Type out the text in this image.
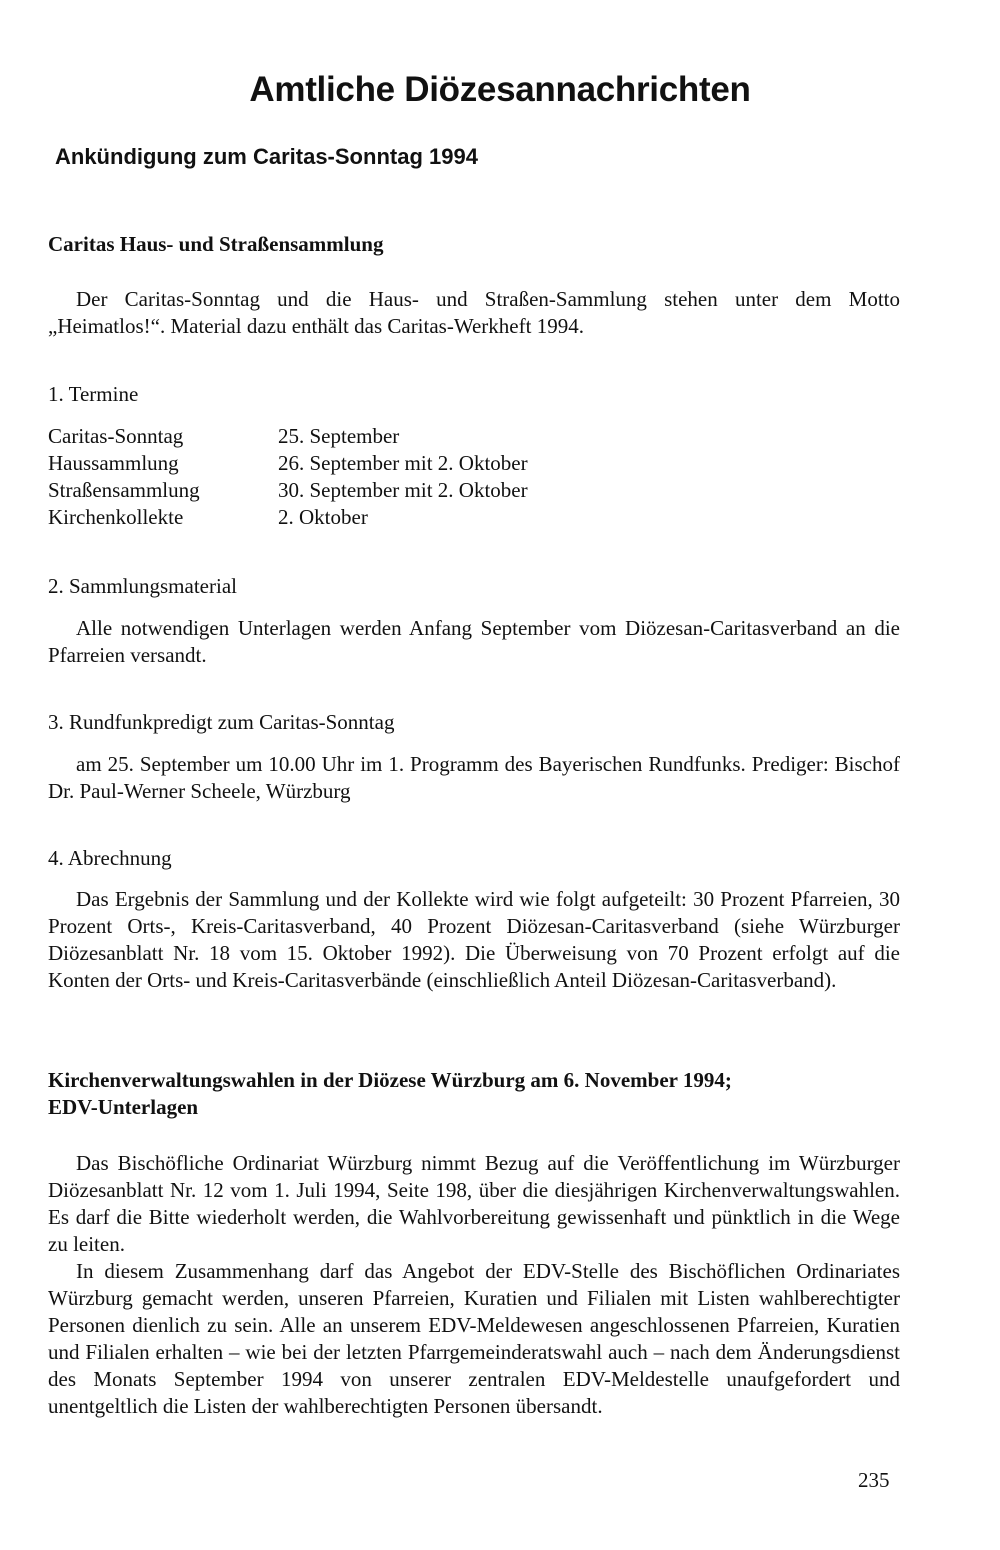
Amtliche Diözesannachrichten
Ankündigung zum Caritas-Sonntag 1994
Caritas Haus- und Straßensammlung
Der Caritas-Sonntag und die Haus- und Straßen-Sammlung stehen unter dem Motto „Heimatlos!“. Material dazu enthält das Caritas-Werkheft 1994.
1. Termine
Caritas-Sonntag	25. September
Haussammlung	26. September mit 2. Oktober
Straßensammlung	30. September mit 2. Oktober
Kirchenkollekte	2. Oktober
2. Sammlungsmaterial
Alle notwendigen Unterlagen werden Anfang September vom Diözesan-Caritasverband an die Pfarreien versandt.
3. Rundfunkpredigt zum Caritas-Sonntag
am 25. September um 10.00 Uhr im 1. Programm des Bayerischen Rundfunks. Prediger: Bischof Dr. Paul-Werner Scheele, Würzburg
4. Abrechnung
Das Ergebnis der Sammlung und der Kollekte wird wie folgt aufgeteilt: 30 Prozent Pfarreien, 30 Prozent Orts-, Kreis-Caritasverband, 40 Prozent Diözesan-Caritasverband (siehe Würzburger Diözesanblatt Nr. 18 vom 15. Oktober 1992). Die Überweisung von 70 Prozent erfolgt auf die Konten der Orts- und Kreis-Caritasverbände (einschließlich Anteil Diözesan-Caritasverband).
Kirchenverwaltungswahlen in der Diözese Würzburg am 6. November 1994;
EDV-Unterlagen
Das Bischöfliche Ordinariat Würzburg nimmt Bezug auf die Veröffentlichung im Würzburger Diözesanblatt Nr. 12 vom 1. Juli 1994, Seite 198, über die diesjährigen Kirchenverwaltungswahlen. Es darf die Bitte wiederholt werden, die Wahlvorbereitung gewissenhaft und pünktlich in die Wege zu leiten.
In diesem Zusammenhang darf das Angebot der EDV-Stelle des Bischöflichen Ordinariates Würzburg gemacht werden, unseren Pfarreien, Kuratien und Filialen mit Listen wahlberechtigter Personen dienlich zu sein. Alle an unserem EDV-Meldewesen angeschlossenen Pfarreien, Kuratien und Filialen erhalten – wie bei der letzten Pfarrgemeinderatswahl auch – nach dem Änderungsdienst des Monats September 1994 von unserer zentralen EDV-Meldestelle unaufgefordert und unentgeltlich die Listen der wahlberechtigten Personen übersandt.
235
